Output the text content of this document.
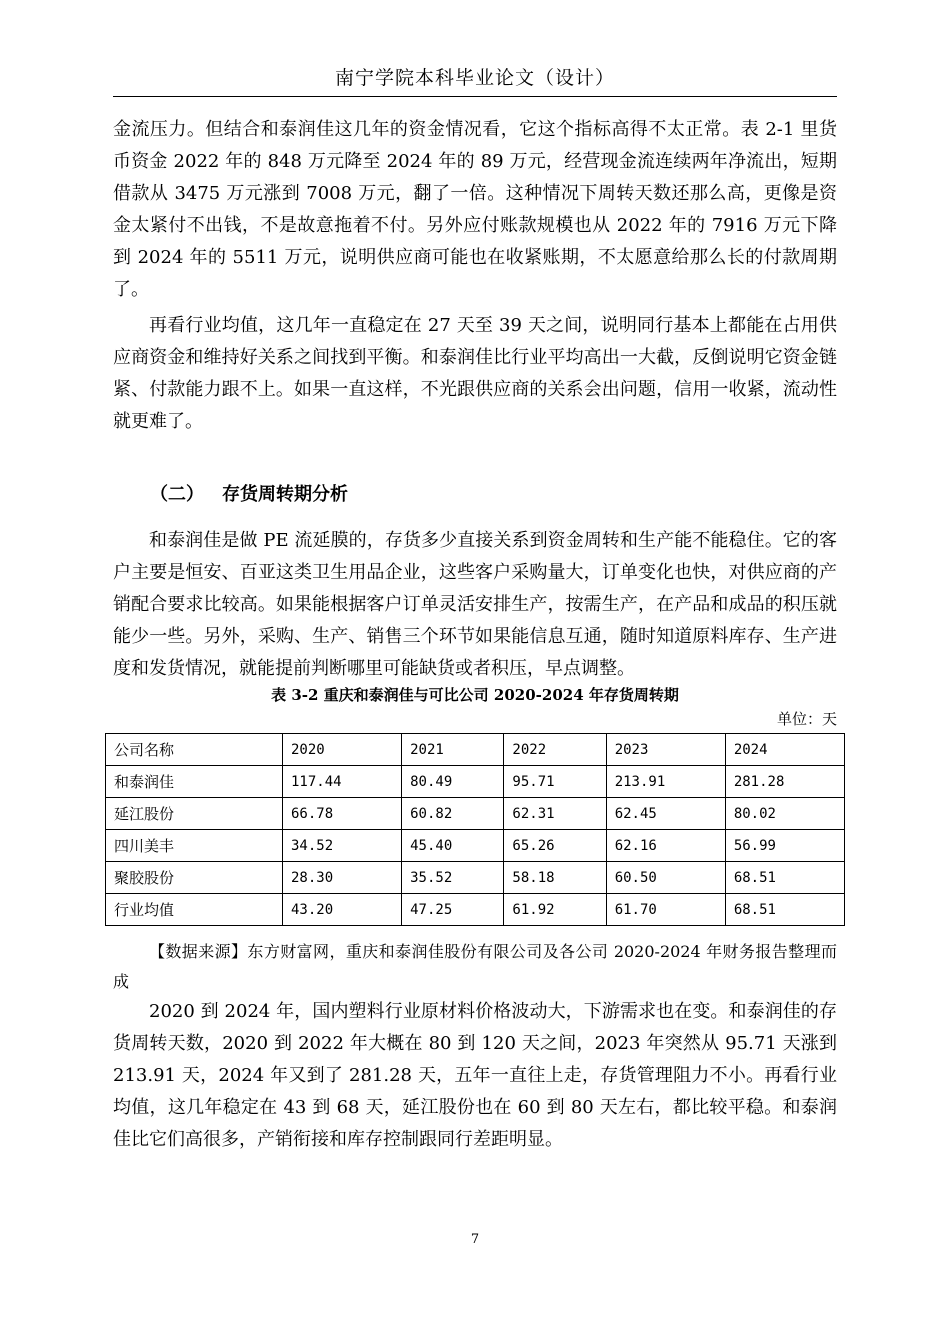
南宁学院本科毕业论文（设计）

金流压力。但结合和泰润佳这几年的资金情况看，它这个指标高得不太正常。表 2-1 里货币资金 2022 年的 848 万元降至 2024 年的 89 万元，经营现金流连续两年净流出，短期借款从 3475 万元涨到 7008 万元，翻了一倍。这种情况下周转天数还那么高，更像是资金太紧付不出钱，不是故意拖着不付。另外应付账款规模也从 2022 年的 7916 万元下降到 2024 年的 5511 万元，说明供应商可能也在收紧账期，不太愿意给那么长的付款周期了。

再看行业均值，这几年一直稳定在 27 天至 39 天之间，说明同行基本上都能在占用供应商资金和维持好关系之间找到平衡。和泰润佳比行业平均高出一大截，反倒说明它资金链紧、付款能力跟不上。如果一直这样，不光跟供应商的关系会出问题，信用一收紧，流动性就更难了。

（二） 存货周转期分析

和泰润佳是做 PE 流延膜的，存货多少直接关系到资金周转和生产能不能稳住。它的客户主要是恒安、百亚这类卫生用品企业，这些客户采购量大，订单变化也快，对供应商的产销配合要求比较高。如果能根据客户订单灵活安排生产，按需生产，在产品和成品的积压就能少一些。另外，采购、生产、销售三个环节如果能信息互通，随时知道原料库存、生产进度和发货情况，就能提前判断哪里可能缺货或者积压，早点调整。

表 3-2 重庆和泰润佳与可比公司 2020-2024 年存货周转期
单位：天
公司名称	2020	2021	2022	2023	2024
和泰润佳	117.44	80.49	95.71	213.91	281.28
延江股份	66.78	60.82	62.31	62.45	80.02
四川美丰	34.52	45.40	65.26	62.16	56.99
聚胶股份	28.30	35.52	58.18	60.50	68.51
行业均值	43.20	47.25	61.92	61.70	68.51

【数据来源】东方财富网，重庆和泰润佳股份有限公司及各公司 2020-2024 年财务报告整理而成

2020 到 2024 年，国内塑料行业原材料价格波动大，下游需求也在变。和泰润佳的存货周转天数，2020 到 2022 年大概在 80 到 120 天之间，2023 年突然从 95.71 天涨到 213.91 天，2024 年又到了 281.28 天，五年一直往上走，存货管理阻力不小。再看行业均值，这几年稳定在 43 到 68 天，延江股份也在 60 到 80 天左右，都比较平稳。和泰润佳比它们高很多，产销衔接和库存控制跟同行差距明显。

7
